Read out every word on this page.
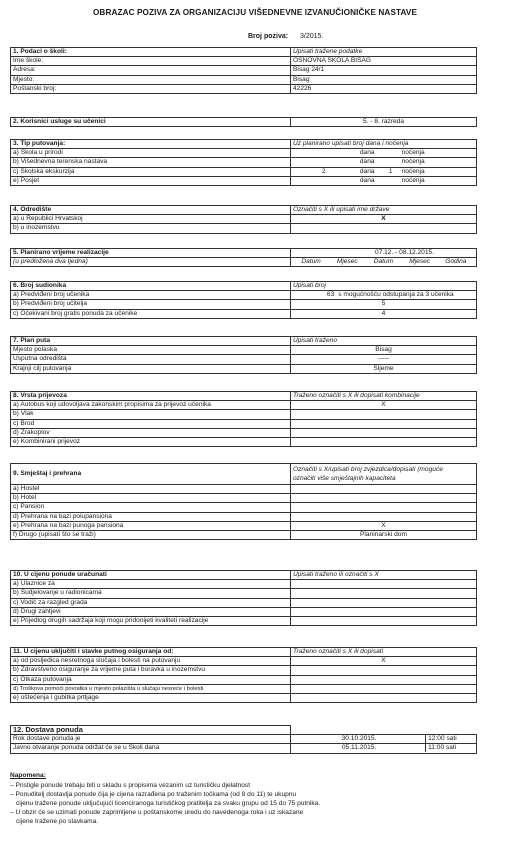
OBRAZAC POZIVA ZA ORGANIZACIJU VIŠEDNEVNE IZVANUČIONIČKE NASTAVE
Broj poziva: 3/2015.
1. Podaci o školi:	Upisati tražene podatke
Ime škole:	OSNOVNA ŠKOLA BISAG
Adresa:	Bisag 24/1
Mjesto:	Bisag
Poštanski broj:	42226
2. Korisnici usluge su učenici	5. - 8. razreda
3. Tip putovanja:	Uz planirano upisati broj dana i noćenja
a) Škola u prirodi	dana noćenja

b) Višednevna terenska nastava	dana noćenja

c) Školska ekskurzija	2 dana 1 noćenja

e) Posjet	dana noćenja
4. Odredište	Označiti s X ili upisati ime države
a) u Republici Hrvatskoj	X
b) u inozemstvu	
5. Planirano vrijeme realizacije	07.12. - 08.12.2015.

(u predložena dva tjedna)	Datum Mjesec Datum Mjesec Godina
6. Broj sudionika	Upisati broj
a) Predviđeni broj učenika	63 s mogućnošću odstupanja za 3 učenika

b) Predviđeni broj učitelja	5
c) Očekivani broj gratis ponuda za učenike	4
7. Plan puta	Upisati traženo
Mjesto polaska	Bisag
Usputna odredišta	-----
Krajnji cilj putovanja	Sljeme
8. Vrsta prijevoza	Traženo označiti s X ili dopisati kombinacije
a) Autobus koji udovoljava zakonskim propisima za prijevoz učenika	X
b) Vlak	
c) Brod	
d) Zrakoplov	
e) Kombinirani prijevoz	
9. Smještaj i prehrana	Označiti s X/upisati broj zvjezdica/dopisati (moguće
označiti više smještajnih kapaciteta

a) Hostel	
b) Hotel	
c) Pansion	
d) Prehrana na bazi polupansiona	
e) Prehrana na bazi punoga pansiona	X
f) Drugo (upisati što se traži)	Planinarski dom
10. U cijenu ponude uračunati	Upisati traženo ili označiti s X
a) Ulaznice za	
b) Sudjelovanje u radionicama	
c) Vodič za razgled grada	
d) Drugi zahtjevi	
e) Prijedlog drugih sadržaja koji mogu pridonijeti kvaliteti realizacije	
11. U cijenu uključiti i stavke putnog osiguranja od:	Traženo označiti s X ili dopisati
a) od posljedica nesretnoga slučaja i bolesti na putovanju	X
b) Zdravstveno osiguranje za vrijeme puta i boravka u inozemstvu	
c) Otkaza putovanja	
d) Troškova pomoći povratka u mjesto polazišta u slučaju nesreće i bolesti	
e) oštećenja i gubitka prtljage	
12. Dostava ponuda	
Rok dostave ponuda je	30.10.2015. 12:00 sati

Javno otvaranje ponuda održat će se u Školi dana	05.11.2015. 11:00 sati
Napomena:
– Pristigle ponude trebaju biti u skladu s propisima vezanim uz turističku djelatnost
– Ponuditelj dostavlja ponude čija je cijena razrađena po traženim točkama (od 8 do 11) te ukupnu
cijenu tražene ponude uključujući licenciranoga turističkog pratitelja za svaku grupu od 15 do 75 putnika.
– U obzir će se uzimati ponude zaprimljene u poštanskome uredu do navedenoga roka i uz iskazane
cijene tražene po stavkama.
